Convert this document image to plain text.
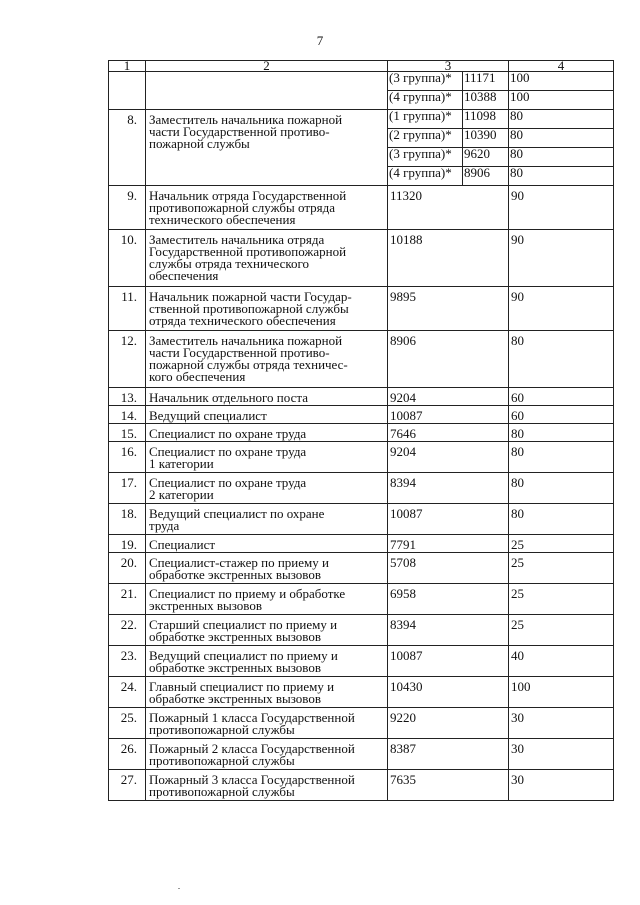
7
1	2	3		4
		(3 группа)*	11171	100
		(4 группа)*	10388	100
8.	Заместитель начальника пожарной
части Государственной противо-
пожарной службы	(1 группа)*	11098	80
		(2 группа)*	10390	80
		(3 группа)*	9620	80
		(4 группа)*	8906	80
9.	Начальник отряда Государственной
противопожарной службы отряда
технического обеспечения	11320		90
10.	Заместитель начальника отряда
Государственной противопожарной
службы отряда технического
обеспечения	10188		90
11.	Начальник пожарной части Государ-
ственной противопожарной службы
отряда технического обеспечения	9895		90
12.	Заместитель начальника пожарной
части Государственной противо-
пожарной службы отряда техничес-
кого обеспечения	8906		80
13.	Начальник отдельного поста	9204		60
14.	Ведущий специалист	10087		60
15.	Специалист по охране труда	7646		80
16.	Специалист по охране труда
1 категории	9204		80
17.	Специалист по охране труда
2 категории	8394		80
18.	Ведущий специалист по охране
труда	10087		80
19.	Специалист	7791		25
20.	Специалист-стажер по приему и
обработке экстренных вызовов	5708		25
21.	Специалист по приему и обработке
экстренных вызовов	6958		25
22.	Старший специалист по приему и
обработке экстренных вызовов	8394		25
23.	Ведущий специалист по приему и
обработке экстренных вызовов	10087		40
24.	Главный специалист по приему и
обработке экстренных вызовов	10430		100
25.	Пожарный 1 класса Государственной
противопожарной службы	9220		30
26.	Пожарный 2 класса Государственной
противопожарной службы	8387		30
27.	Пожарный 3 класса Государственной
противопожарной службы	7635		30
